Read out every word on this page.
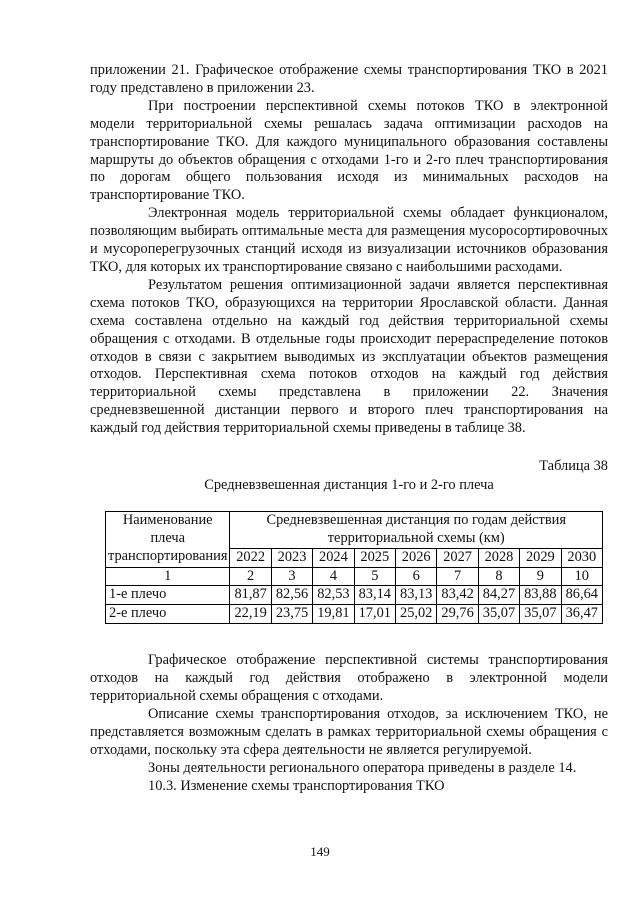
приложении 21. Графическое отображение схемы транспортирования ТКО в 2021 году представлено в приложении 23.

При построении перспективной схемы потоков ТКО в электронной модели территориальной схемы решалась задача оптимизации расходов на транспортирование ТКО. Для каждого муниципального образования составлены маршруты до объектов обращения с отходами 1-го и 2-го плеч транспортирования по дорогам общего пользования исходя из минимальных расходов на транспортирование ТКО.

Электронная модель территориальной схемы обладает функционалом, позволяющим выбирать оптимальные места для размещения мусоросортировочных и мусороперегрузочных станций исходя из визуализации источников образования ТКО, для которых их транспортирование связано с наибольшими расходами.

Результатом решения оптимизационной задачи является перспективная схема потоков ТКО, образующихся на территории Ярославской области. Данная схема составлена отдельно на каждый год действия территориальной схемы обращения с отходами. В отдельные годы происходит перераспределение потоков отходов в связи с закрытием выводимых из эксплуатации объектов размещения отходов. Перспективная схема потоков отходов на каждый год действия территориальной схемы представлена в приложении 22. Значения средневзвешенной дистанции первого и второго плеч транспортирования на каждый год действия территориальной схемы приведены в таблице 38.

Таблица 38
Средневзвешенная дистанция 1-го и 2-го плеча
Наименование плеча транспортирования	Средневзвешенная дистанция по годам действия территориальной схемы (км)								
	2022	2023	2024	2025	2026	2027	2028	2029	2030
1	2	3	4	5	6	7	8	9	10
1-е плечо	81,87	82,56	82,53	83,14	83,13	83,42	84,27	83,88	86,64
2-е плечо	22,19	23,75	19,81	17,01	25,02	29,76	35,07	35,07	36,47

Графическое отображение перспективной системы транспортирования отходов на каждый год действия отображено в электронной модели территориальной схемы обращения с отходами.

Описание схемы транспортирования отходов, за исключением ТКО, не представляется возможным сделать в рамках территориальной схемы обращения с отходами, поскольку эта сфера деятельности не является регулируемой.

Зоны деятельности регионального оператора приведены в разделе 14.

10.3. Изменение схемы транспортирования ТКО

149
